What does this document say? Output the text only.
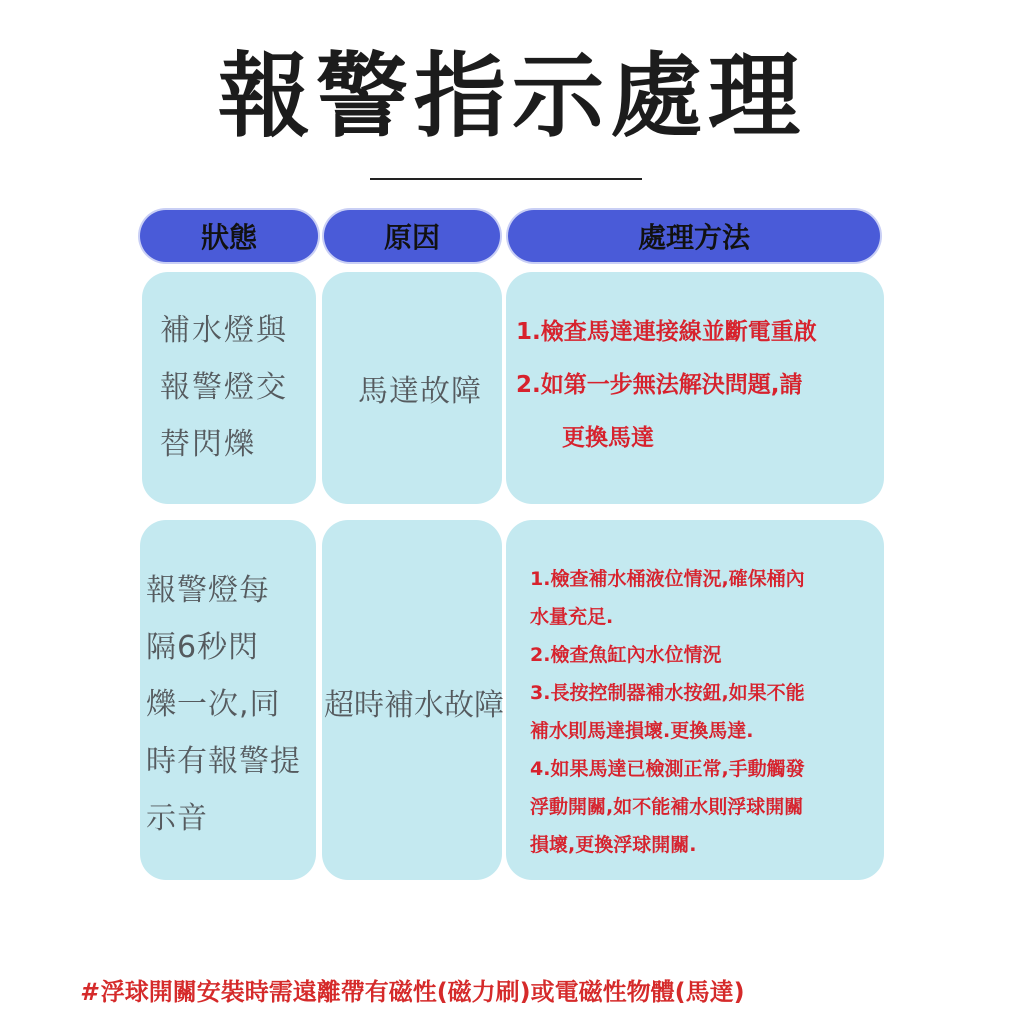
報警指示處理
狀態	原因	處理方法
補水燈與
報警燈交
替閃爍
馬達故障
1.檢查馬達連接線並斷電重啟
2.如第一步無法解決問題,請
更換馬達
報警燈每
隔6秒閃
爍一次,同
時有報警提
示音
超時補水故障
1.檢查補水桶液位情況,確保桶內
水量充足.
2.檢查魚缸內水位情況
3.長按控制器補水按鈕,如果不能
補水則馬達損壞.更換馬達.
4.如果馬達已檢測正常,手動觸發
浮動開關,如不能補水則浮球開關
損壞,更換浮球開關.
# 浮球開關安裝時需遠離帶有磁性(磁力刷)或電磁性物體(馬達)
